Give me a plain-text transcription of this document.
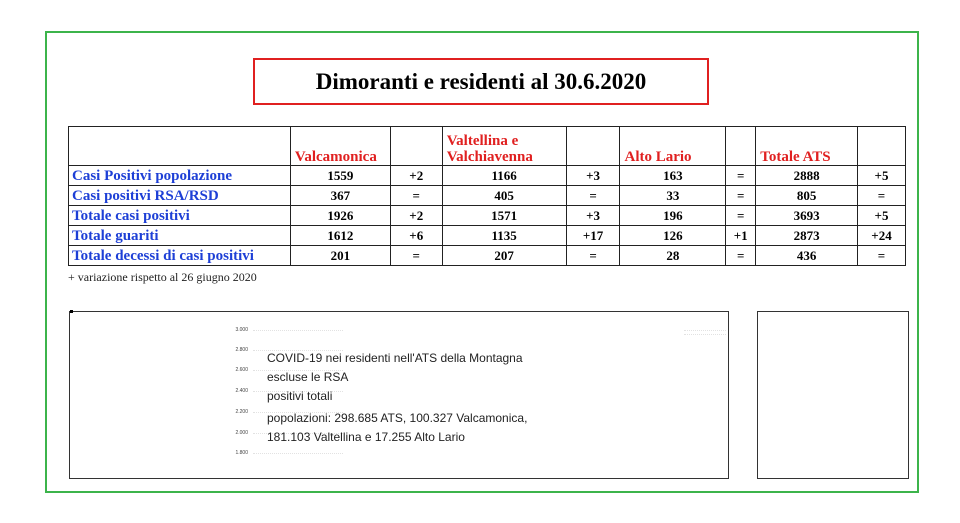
Dimoranti e residenti al 30.6.2020
	Valcamonica		Valtellina e Valchiavenna		Alto Lario		Totale ATS	
Casi Positivi popolazione	1559	+2	1166	+3	163	=	2888	+5
Casi positivi RSA/RSD	367	=	405	=	33	=	805	=
Totale casi positivi	1926	+2	1571	+3	196	=	3693	+5
Totale guariti	1612	+6	1135	+17	126	+1	2873	+24
Totale decessi di casi positivi	201	=	207	=	28	=	436	=
+ variazione rispetto al 26 giugno 2020
3.000
2.800
2.600
2.400
2.200
2.000
1.800
COVID-19 nei residenti nell'ATS della Montagna
escluse le RSA
positivi totali
popolazioni: 298.685 ATS, 100.327 Valcamonica,
181.103 Valtellina e 17.255 Alto Lario
